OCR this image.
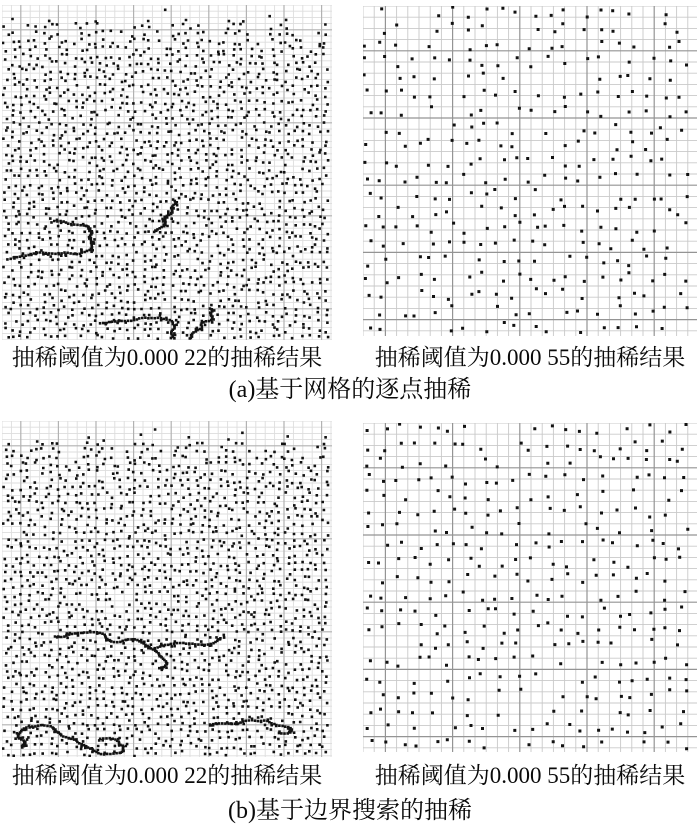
抽稀阈值为0.000 22的抽稀结果	抽稀阈值为0.000 55的抽稀结果
(a)基于网格的逐点抽稀
抽稀阈值为0.000 22的抽稀结果	抽稀阈值为0.000 55的抽稀结果
(b)基于边界搜索的抽稀
